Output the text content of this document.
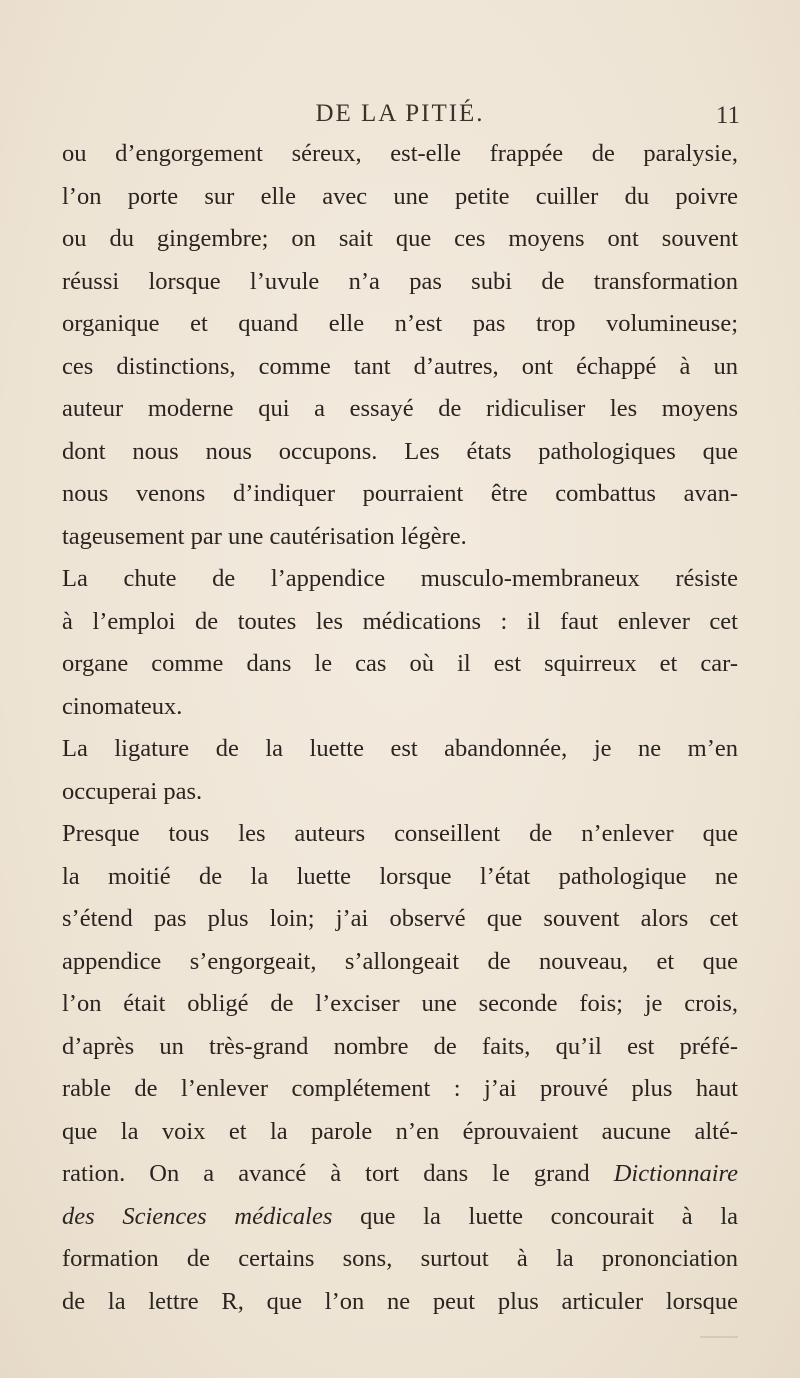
DE LA PITIÉ.	11
ou d’engorgement séreux, est-elle frappée de paralysie,
l’on porte sur elle avec une petite cuiller du poivre
ou du gingembre; on sait que ces moyens ont souvent
réussi lorsque l’uvule n’a pas subi de transformation
organique et quand elle n’est pas trop volumineuse;
ces distinctions, comme tant d’autres, ont échappé à un
auteur moderne qui a essayé de ridiculiser les moyens
dont nous nous occupons. Les états pathologiques que
nous venons d’indiquer pourraient être combattus avan-
tageusement par une cautérisation légère.
La chute de l’appendice musculo-membraneux résiste
à l’emploi de toutes les médications : il faut enlever cet
organe comme dans le cas où il est squirreux et car-
cinomateux.
La ligature de la luette est abandonnée, je ne m’en
occuperai pas.
Presque tous les auteurs conseillent de n’enlever que
la moitié de la luette lorsque l’état pathologique ne
s’étend pas plus loin; j’ai observé que souvent alors cet
appendice s’engorgeait, s’allongeait de nouveau, et que
l’on était obligé de l’exciser une seconde fois; je crois,
d’après un très-grand nombre de faits, qu’il est préfé-
rable de l’enlever complétement : j’ai prouvé plus haut
que la voix et la parole n’en éprouvaient aucune alté-
ration. On a avancé à tort dans le grand Dictionnaire
des Sciences médicales que la luette concourait à la
formation de certains sons, surtout à la prononciation
de la lettre R, que l’on ne peut plus articuler lorsque
